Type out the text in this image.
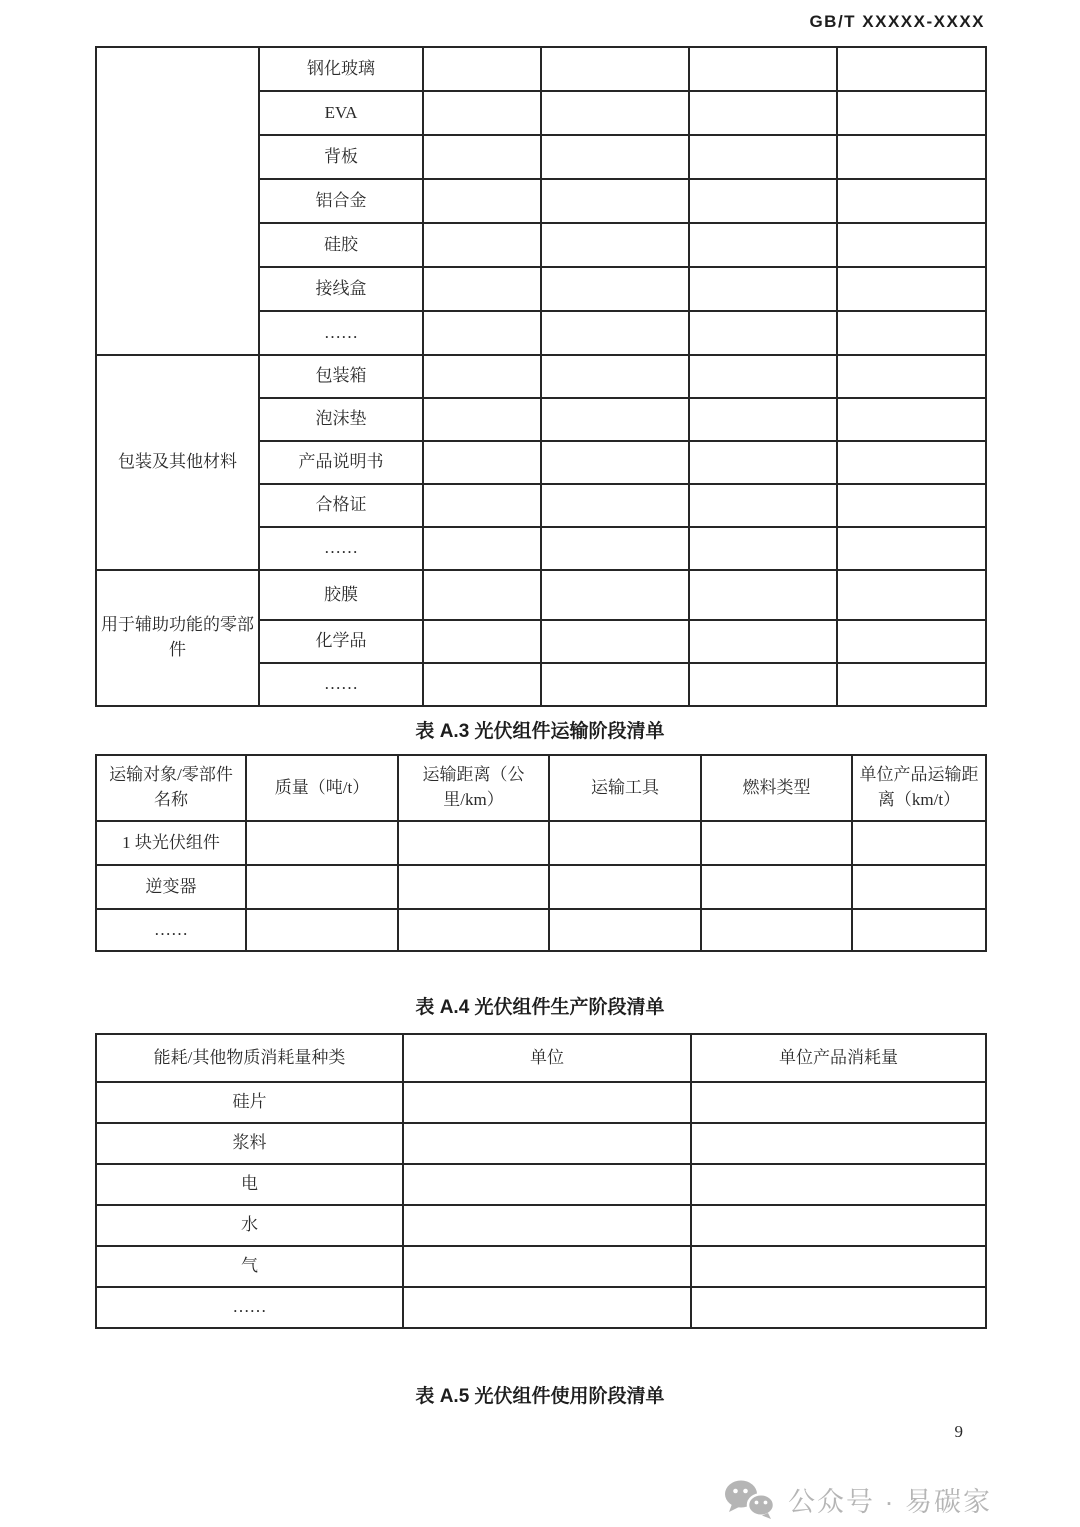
GB/T XXXXX-XXXX
	钢化玻璃				
	EVA				
	背板				
	铝合金				
	硅胶				
	接线盒				
	……				
包装及其他材料	包装箱				
	泡沫垫				
	产品说明书				
	合格证				
	……				
用于辅助功能的零部件	胶膜				
	化学品				
	……				
表 A.3 光伏组件运输阶段清单
运输对象/零部件名称	质量（吨/t）	运输距离（公里/km）	运输工具	燃料类型	单位产品运输距离（km/t）
1 块光伏组件					
逆变器					
……					
表 A.4 光伏组件生产阶段清单
能耗/其他物质消耗量种类	单位	单位产品消耗量
硅片		
浆料		
电		
水		
气		
……		
表 A.5 光伏组件使用阶段清单
9
公众号 · 易碳家
